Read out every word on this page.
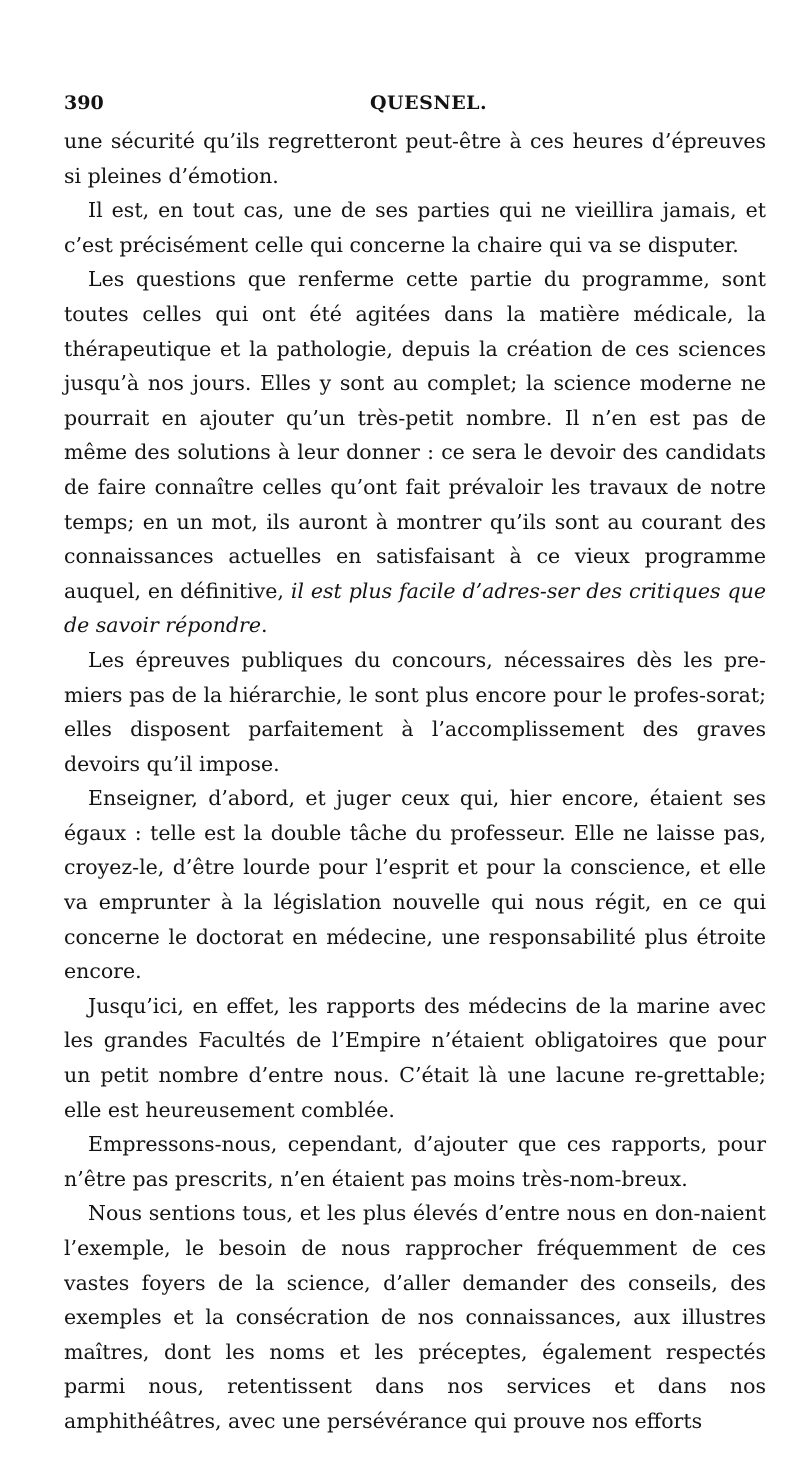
390	QUESNEL.

une sécurité qu’ils regretteront peut-être à ces heures d’épreuves si pleines d’émotion.

Il est, en tout cas, une de ses parties qui ne vieillira jamais, et c’est précisément celle qui concerne la chaire qui va se disputer.

Les questions que renferme cette partie du programme, sont toutes celles qui ont été agitées dans la matière médicale, la thérapeutique et la pathologie, depuis la création de ces sciences jusqu’à nos jours. Elles y sont au complet; la science moderne ne pourrait en ajouter qu’un très-petit nombre. Il n’en est pas de même des solutions à leur donner : ce sera le devoir des candidats de faire connaître celles qu’ont fait prévaloir les travaux de notre temps; en un mot, ils auront à montrer qu’ils sont au courant des connaissances actuelles en satisfaisant à ce vieux programme auquel, en définitive, il est plus facile d’adres-ser des critiques que de savoir répondre.

Les épreuves publiques du concours, nécessaires dès les pre-miers pas de la hiérarchie, le sont plus encore pour le profes-sorat; elles disposent parfaitement à l’accomplissement des graves devoirs qu’il impose.

Enseigner, d’abord, et juger ceux qui, hier encore, étaient ses égaux : telle est la double tâche du professeur. Elle ne laisse pas, croyez-le, d’être lourde pour l’esprit et pour la conscience, et elle va emprunter à la législation nouvelle qui nous régit, en ce qui concerne le doctorat en médecine, une responsabilité plus étroite encore.

Jusqu’ici, en effet, les rapports des médecins de la marine avec les grandes Facultés de l’Empire n’étaient obligatoires que pour un petit nombre d’entre nous. C’était là une lacune re-grettable; elle est heureusement comblée.

Empressons-nous, cependant, d’ajouter que ces rapports, pour n’être pas prescrits, n’en étaient pas moins très-nom-breux.

Nous sentions tous, et les plus élevés d’entre nous en don-naient l’exemple, le besoin de nous rapprocher fréquemment de ces vastes foyers de la science, d’aller demander des conseils, des exemples et la consécration de nos connaissances, aux illustres maîtres, dont les noms et les préceptes, également respectés parmi nous, retentissent dans nos services et dans nos amphithéâtres, avec une persévérance qui prouve nos efforts
